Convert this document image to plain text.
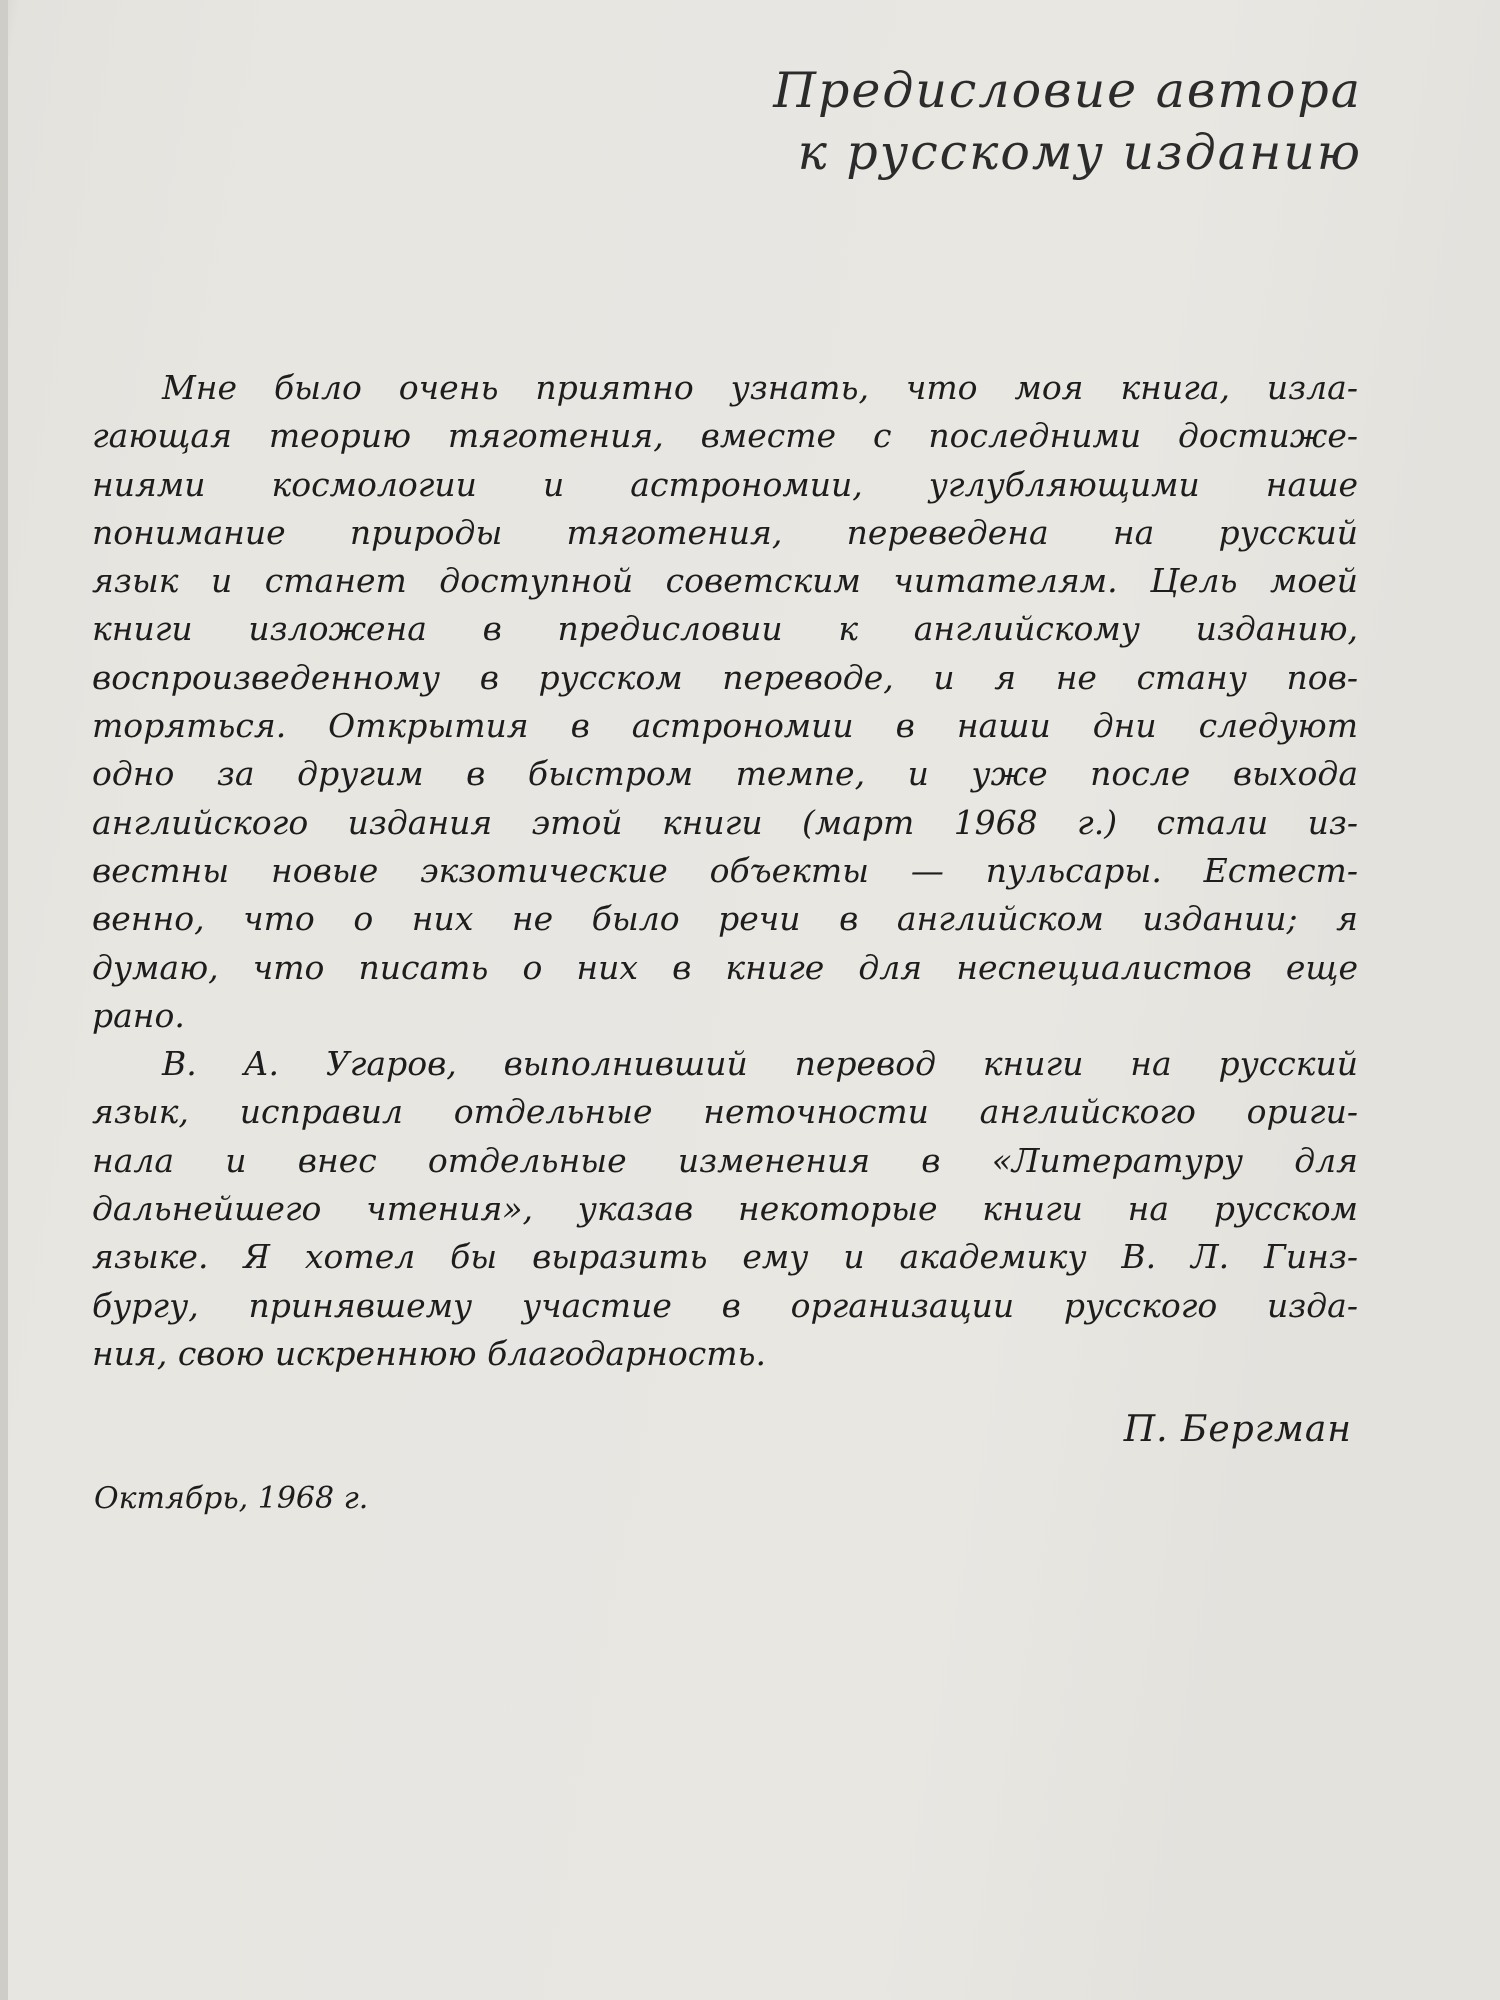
Предисловие автора
к русскому изданию
Мне было очень приятно узнать, что моя книга, изла-
гающая теорию тяготения, вместе с последними достиже-
ниями космологии и астрономии, углубляющими наше
понимание природы тяготения, переведена на русский
язык и станет доступной советским читателям. Цель моей
книги изложена в предисловии к английскому изданию,
воспроизведенному в русском переводе, и я не стану пов-
торяться. Открытия в астрономии в наши дни следуют
одно за другим в быстром темпе, и уже после выхода
английского издания этой книги (март 1968 г.) стали из-
вестны новые экзотические объекты — пульсары. Естест-
венно, что о них не было речи в английском издании; я
думаю, что писать о них в книге для неспециалистов еще
рано.
В. А. Угаров, выполнивший перевод книги на русский
язык, исправил отдельные неточности английского ориги-
нала и внес отдельные изменения в «Литературу для
дальнейшего чтения», указав некоторые книги на русском
языке. Я хотел бы выразить ему и академику В. Л. Гинз-
бургу, принявшему участие в организации русского изда-
ния, свою искреннюю благодарность.
П. Бергман
Октябрь, 1968 г.
